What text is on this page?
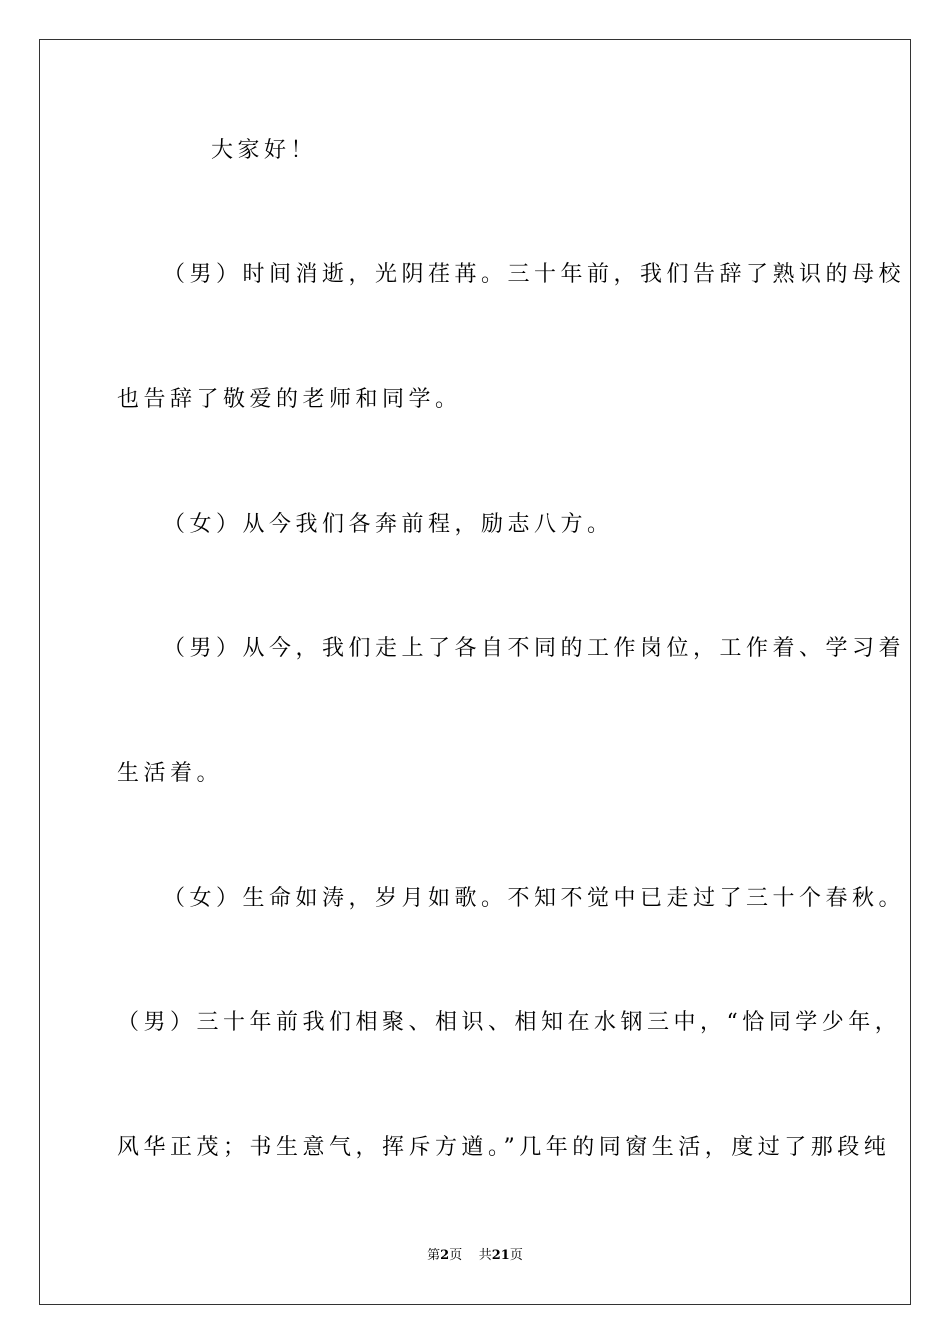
大家好！
（男）时间消逝，光阴荏苒。三十年前，我们告辞了熟识的母校
也告辞了敬爱的老师和同学。
（女）从今我们各奔前程，励志八方。
（男）从今，我们走上了各自不同的工作岗位，工作着、学习着
生活着。
（女）生命如涛，岁月如歌。不知不觉中已走过了三十个春秋。
（男）三十年前我们相聚、相识、相知在水钢三中，“恰同学少年，
风华正茂；书生意气，挥斥方遒。”几年的同窗生活，度过了那段纯
第2页 共21页
